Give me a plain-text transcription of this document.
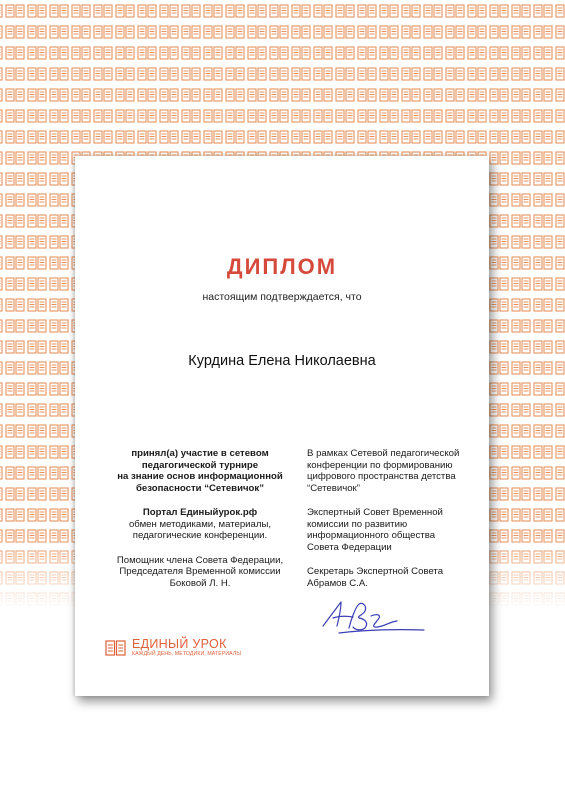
ДИПЛОМ
настоящим подтверждается, что
Курдина Елена Николаевна
принял(а) участие в сетевом
педагогической турнире
на знание основ информационной
безопасности “Сетевичок”
Портал Единыйурок.рф
обмен методиками, материалы,
педагогические конференции.
Помощник члена Совета Федерации,
Председателя Временной комиссии
Боковой Л. Н.
В рамках Сетевой педагогической
конференции по формированию
цифрового пространства детства
“Сетевичок”
Экспертный Совет Временной
комиссии по развитию
информационного общества
Совета Федерации
Секретарь Экспертной Совета
Абрамов С.А.
ЕДИНЫЙ УРОК
КАЖДЫЙ ДЕНЬ, МЕТОДИКИ, МАТЕРИАЛЫ
